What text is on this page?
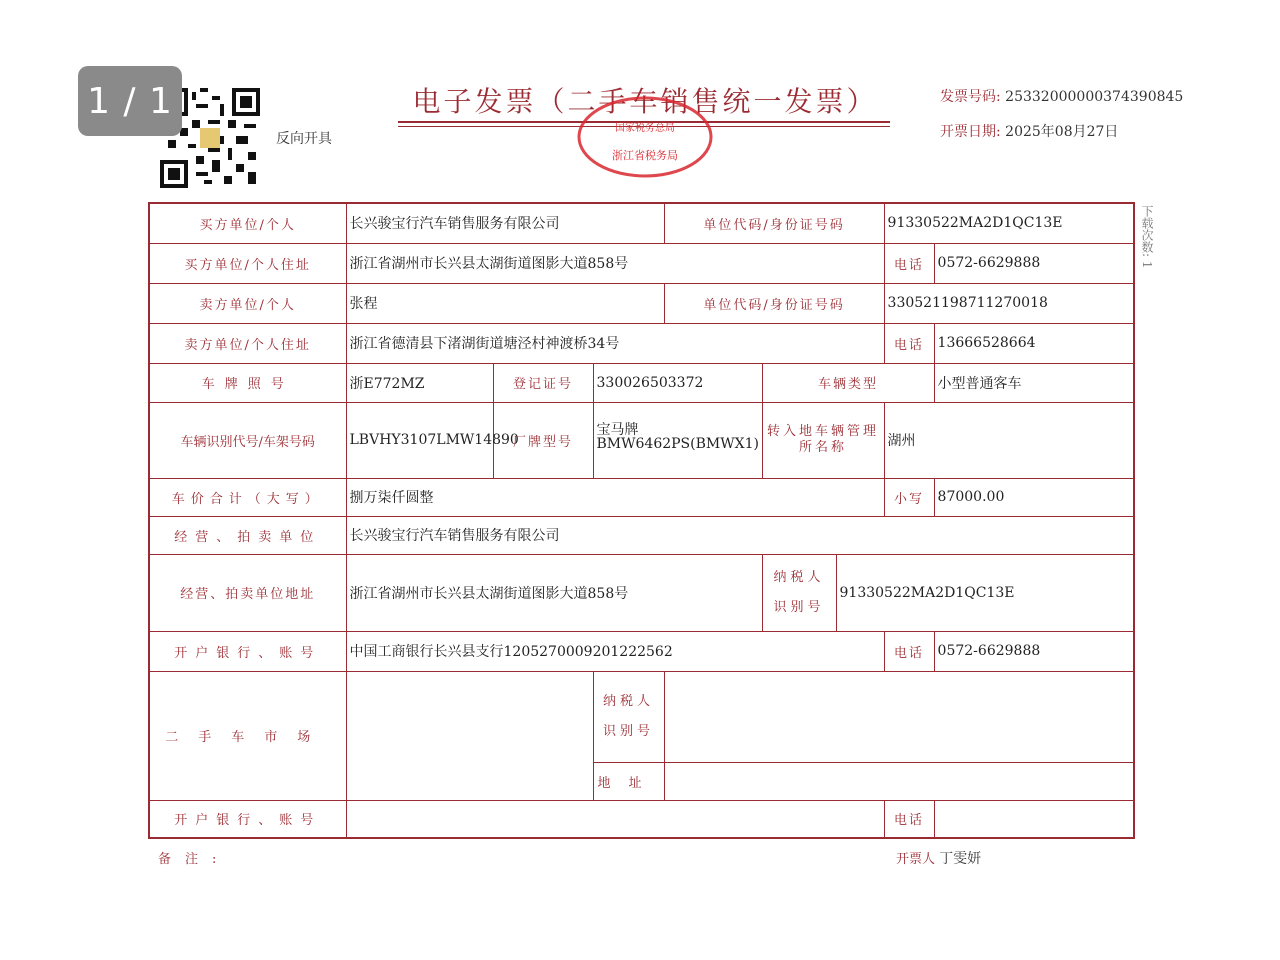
1 / 1
反向开具
电子发票（二手车销售统一发票）
国家税务总局
浙江省税务局
发票号码: 25332000000374390845
开票日期: 2025年08月27日
下载次数: 1
买方单位/个人	长兴骏宝行汽车销售服务有限公司			单位代码/身份证号码			91330522MA2D1QC13E	
买方单位/个人住址	浙江省湖州市长兴县太湖街道图影大道858号						电话	0572-6629888
卖方单位/个人	张程			单位代码/身份证号码			330521198711270018	
卖方单位/个人住址	浙江省德清县下渚湖街道塘泾村神渡桥34号						电话	13666528664
车牌照号	浙E772MZ	登记证号	330026503372		车辆类型			小型普通客车
车辆识别代号/车架号码	LBVHY3107LMW14890	厂牌型号	宝马牌BMW6462PS(BMWX1)		转入地车辆管理所名称		湖州	
车价合计（大写）	捌万柒仟圆整						小写	87000.00
经营、拍卖单位	长兴骏宝行汽车销售服务有限公司							
经营、拍卖单位地址	浙江省湖州市长兴县太湖街道图影大道858号				纳税人识别号	91330522MA2D1QC13E		
开户银行、账号	中国工商银行长兴县支行1205270009201222562						电话	0572-6629888
二手车市场			纳税人识别号					
			地址					
开户银行、账号							电话	
备注:	开票人 丁雯妍
